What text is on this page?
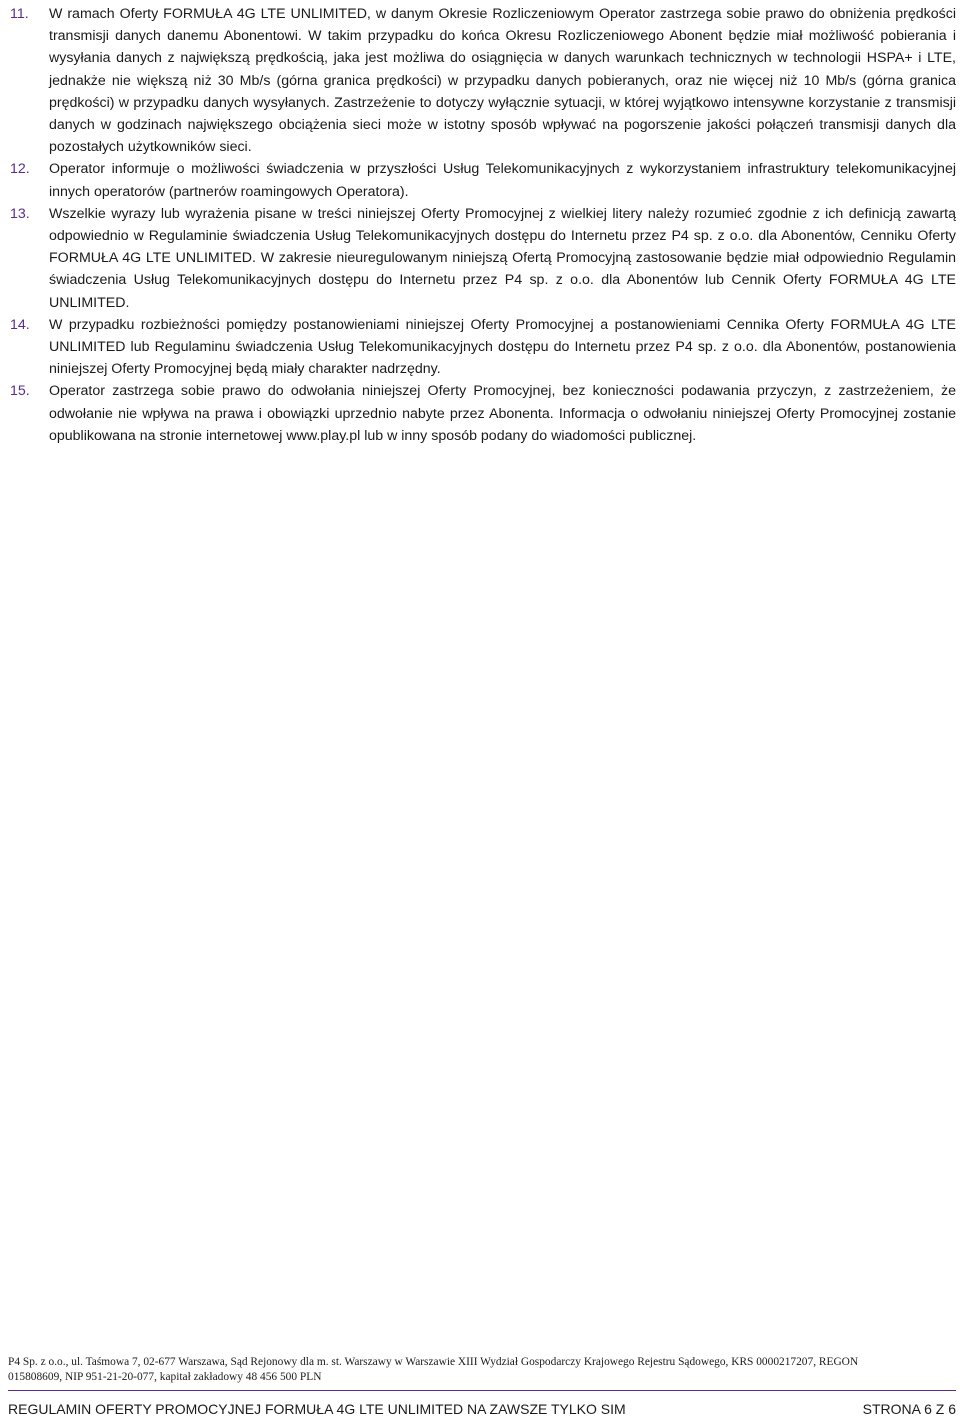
11.	W ramach Oferty FORMUŁA 4G LTE UNLIMITED, w danym Okresie Rozliczeniowym Operator zastrzega sobie prawo do obniżenia prędkości transmisji danych danemu Abonentowi. W takim przypadku do końca Okresu Rozliczeniowego Abonent będzie miał możliwość pobierania i wysyłania danych z największą prędkością, jaka jest możliwa do osiągnięcia w danych warunkach technicznych w technologii HSPA+ i LTE, jednakże nie większą niż 30 Mb/s (górna granica prędkości) w przypadku danych pobieranych, oraz nie więcej niż 10 Mb/s (górna granica prędkości) w przypadku danych wysyłanych. Zastrzeżenie to dotyczy wyłącznie sytuacji, w której wyjątkowo intensywne korzystanie z transmisji danych w godzinach największego obciążenia sieci może w istotny sposób wpływać na pogorszenie jakości połączeń transmisji danych dla pozostałych użytkowników sieci.
12.	Operator informuje o możliwości świadczenia w przyszłości Usług Telekomunikacyjnych z wykorzystaniem infrastruktury telekomunikacyjnej innych operatorów (partnerów roamingowych Operatora).
13.	Wszelkie wyrazy lub wyrażenia pisane w treści niniejszej Oferty Promocyjnej z wielkiej litery należy rozumieć zgodnie z ich definicją zawartą odpowiednio w Regulaminie świadczenia Usług Telekomunikacyjnych dostępu do Internetu przez P4 sp. z o.o. dla Abonentów, Cenniku Oferty FORMUŁA 4G LTE UNLIMITED. W zakresie nieuregulowanym niniejszą Ofertą Promocyjną zastosowanie będzie miał odpowiednio Regulamin świadczenia Usług Telekomunikacyjnych dostępu do Internetu przez P4 sp. z o.o. dla Abonentów lub Cennik Oferty FORMUŁA 4G LTE UNLIMITED.
14.	W przypadku rozbieżności pomiędzy postanowieniami niniejszej Oferty Promocyjnej a postanowieniami Cennika Oferty FORMUŁA 4G LTE UNLIMITED lub Regulaminu świadczenia Usług Telekomunikacyjnych dostępu do Internetu przez P4 sp. z o.o. dla Abonentów, postanowienia niniejszej Oferty Promocyjnej będą miały charakter nadrzędny.
15.	Operator zastrzega sobie prawo do odwołania niniejszej Oferty Promocyjnej, bez konieczności podawania przyczyn, z zastrzeżeniem, że odwołanie nie wpływa na prawa i obowiązki uprzednio nabyte przez Abonenta. Informacja o odwołaniu niniejszej Oferty Promocyjnej zostanie opublikowana na stronie internetowej www.play.pl lub w inny sposób podany do wiadomości publicznej.
P4 Sp. z o.o., ul. Taśmowa 7, 02-677 Warszawa, Sąd Rejonowy dla m. st. Warszawy w Warszawie XIII Wydział Gospodarczy Krajowego Rejestru Sądowego, KRS 0000217207, REGON
015808609, NIP 951-21-20-077, kapitał zakładowy 48 456 500 PLN
REGULAMIN OFERTY PROMOCYJNEJ FORMUŁA 4G LTE UNLIMITED NA ZAWSZE TYLKO SIM	STRONA 6 Z 6
